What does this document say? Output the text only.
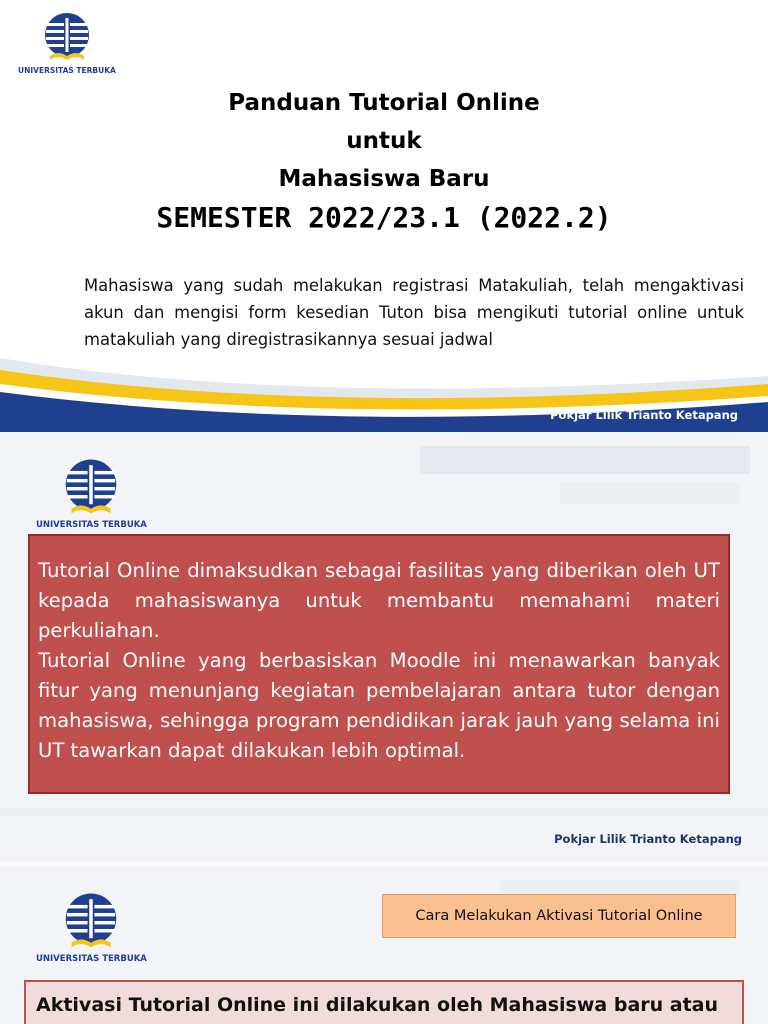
UNIVERSITAS TERBUKA
Panduan Tutorial Online
untuk
Mahasiswa Baru
SEMESTER 2022/23.1 (2022.2)
Mahasiswa yang sudah melakukan registrasi Matakuliah, telah mengaktivasi akun dan mengisi form kesedian Tuton bisa mengikuti tutorial online untuk matakuliah yang diregistrasikannya sesuai jadwal
Pokjar Lilik Trianto Ketapang
UNIVERSITAS TERBUKA

Tutorial Online dimaksudkan sebagai fasilitas yang diberikan oleh UT kepada mahasiswanya untuk membantu memahami materi perkuliahan.

Tutorial Online yang berbasiskan Moodle ini menawarkan banyak fitur yang menunjang kegiatan pembelajaran antara tutor dengan mahasiswa, sehingga program pendidikan jarak jauh yang selama ini UT tawarkan dapat dilakukan lebih optimal.

Pokjar Lilik Trianto Ketapang
UNIVERSITAS TERBUKA
Cara Melakukan Aktivasi Tutorial Online
Aktivasi Tutorial Online ini dilakukan oleh Mahasiswa baru atau
